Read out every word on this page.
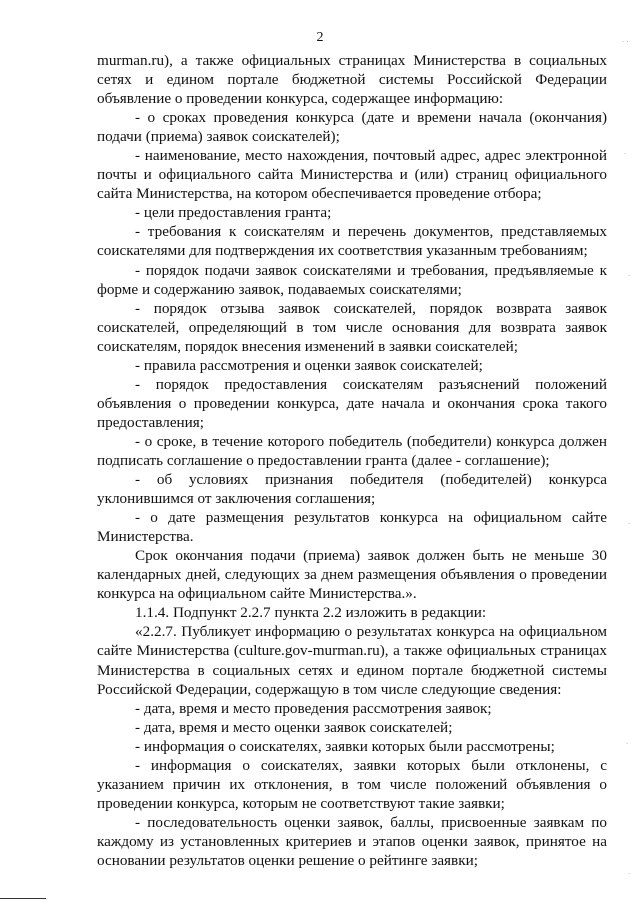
2

murman.ru), а также официальных страницах Министерства в социальных сетях и едином портале бюджетной системы Российской Федерации объявление о проведении конкурса, содержащее информацию:

- о сроках проведения конкурса (дате и времени начала (окончания) подачи (приема) заявок соискателей);

- наименование, место нахождения, почтовый адрес, адрес электронной почты и официального сайта Министерства и (или) страниц официального сайта Министерства, на котором обеспечивается проведение отбора;

- цели предоставления гранта;

- требования к соискателям и перечень документов, представляемых соискателями для подтверждения их соответствия указанным требованиям;

- порядок подачи заявок соискателями и требования, предъявляемые к форме и содержанию заявок, подаваемых соискателями;

- порядок отзыва заявок соискателей, порядок возврата заявок соискателей, определяющий в том числе основания для возврата заявок соискателям, порядок внесения изменений в заявки соискателей;

- правила рассмотрения и оценки заявок соискателей;

- порядок предоставления соискателям разъяснений положений объявления о проведении конкурса, дате начала и окончания срока такого предоставления;

- о сроке, в течение которого победитель (победители) конкурса должен подписать соглашение о предоставлении гранта (далее - соглашение);

- об условиях признания победителя (победителей) конкурса уклонившимся от заключения соглашения;

- о дате размещения результатов конкурса на официальном сайте Министерства.

Срок окончания подачи (приема) заявок должен быть не меньше 30 календарных дней, следующих за днем размещения объявления о проведении конкурса на официальном сайте Министерства.».

1.1.4. Подпункт 2.2.7 пункта 2.2 изложить в редакции:

«2.2.7. Публикует информацию о результатах конкурса на официальном сайте Министерства (culture.gov-murman.ru), а также официальных страницах Министерства в социальных сетях и едином портале бюджетной системы Российской Федерации, содержащую в том числе следующие сведения:

- дата, время и место проведения рассмотрения заявок;

- дата, время и место оценки заявок соискателей;

- информация о соискателях, заявки которых были рассмотрены;

- информация о соискателях, заявки которых были отклонены, с указанием причин их отклонения, в том числе положений объявления о проведении конкурса, которым не соответствуют такие заявки;

- последовательность оценки заявок, баллы, присвоенные заявкам по каждому из установленных критериев и этапов оценки заявок, принятое на основании результатов оценки решение о рейтинге заявки;

· ·
·
·
·
·
·
